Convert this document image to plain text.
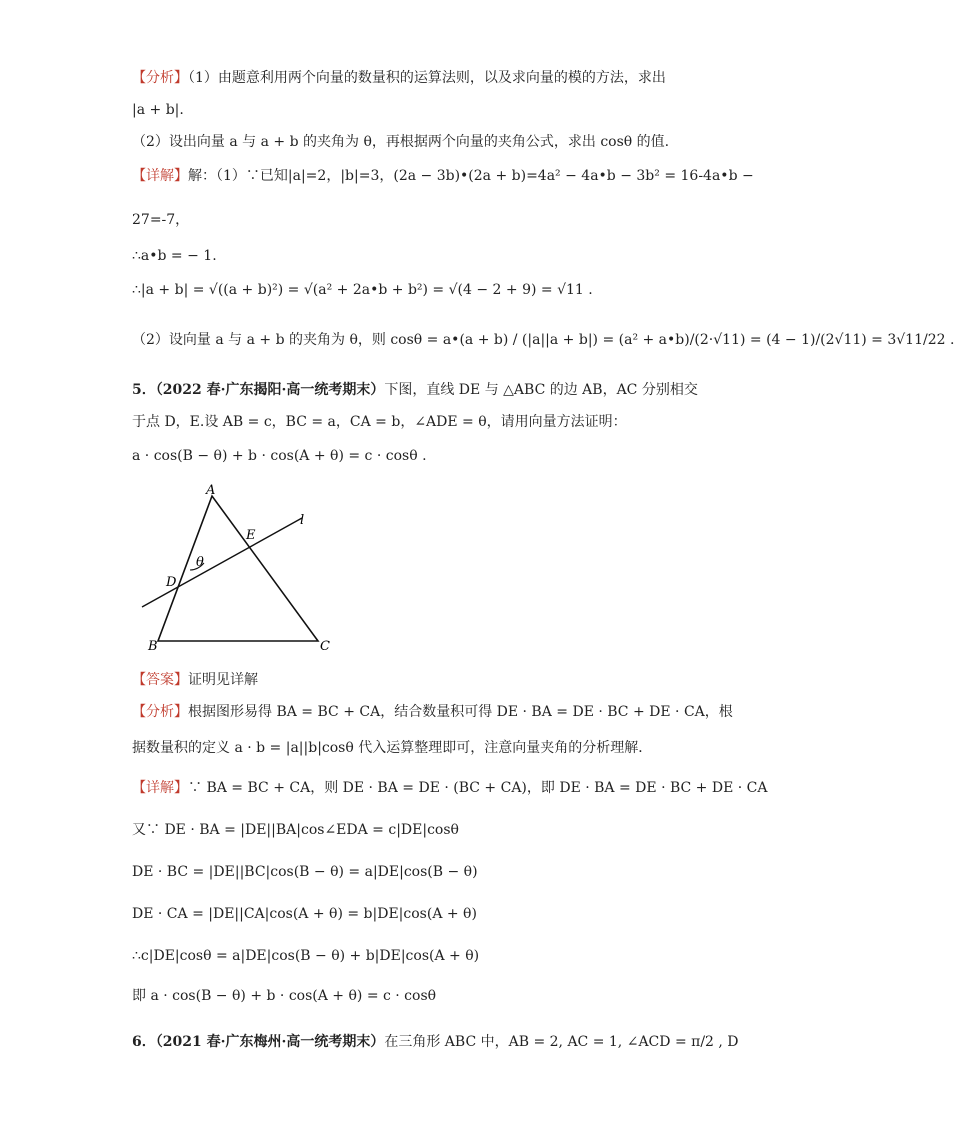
【分析】（1）由题意利用两个向量的数量积的运算法则，以及求向量的模的方法，求出
|a + b|.
（2）设出向量 a 与 a + b 的夹角为 θ，再根据两个向量的夹角公式，求出 cosθ 的值.
【详解】解：（1）∵已知|a|=2，|b|=3，(2a − 3b)•(2a + b)=4a² − 4a•b − 3b² = 16-4a•b −
27=-7，
∴a•b = − 1.
∴|a + b| = √((a + b)²) = √(a² + 2a•b + b²) = √(4 − 2 + 9) = √11 .
（2）设向量 a 与 a + b 的夹角为 θ，则 cosθ = a•(a + b) / (|a||a + b|) = (a² + a•b)/(2·√11) = (4 − 1)/(2√11) = 3√11/22 .
5．（2022 春·广东揭阳·高一统考期末）下图，直线 DE 与 △ABC 的边 AB，AC 分别相交
于点 D，E.设 AB = c，BC = a，CA = b，∠ADE = θ，请用向量方法证明：
a · cos(B − θ) + b · cos(A + θ) = c · cosθ .
A
B	C
D
E
l
θ
【答案】证明见详解
【分析】根据图形易得 BA = BC + CA，结合数量积可得 DE · BA = DE · BC + DE · CA，根
据数量积的定义 a · b = |a||b|cosθ 代入运算整理即可，注意向量夹角的分析理解．
【详解】∵ BA = BC + CA，则 DE · BA = DE · (BC + CA)，即 DE · BA = DE · BC + DE · CA
又∵ DE · BA = |DE||BA|cos∠EDA = c|DE|cosθ
DE · BC = |DE||BC|cos(B − θ) = a|DE|cos(B − θ)
DE · CA = |DE||CA|cos(A + θ) = b|DE|cos(A + θ)
∴c|DE|cosθ = a|DE|cos(B − θ) + b|DE|cos(A + θ)
即 a · cos(B − θ) + b · cos(A + θ) = c · cosθ
6．（2021 春·广东梅州·高一统考期末）在三角形 ABC 中，AB = 2, AC = 1, ∠ACD = π/2 , D
